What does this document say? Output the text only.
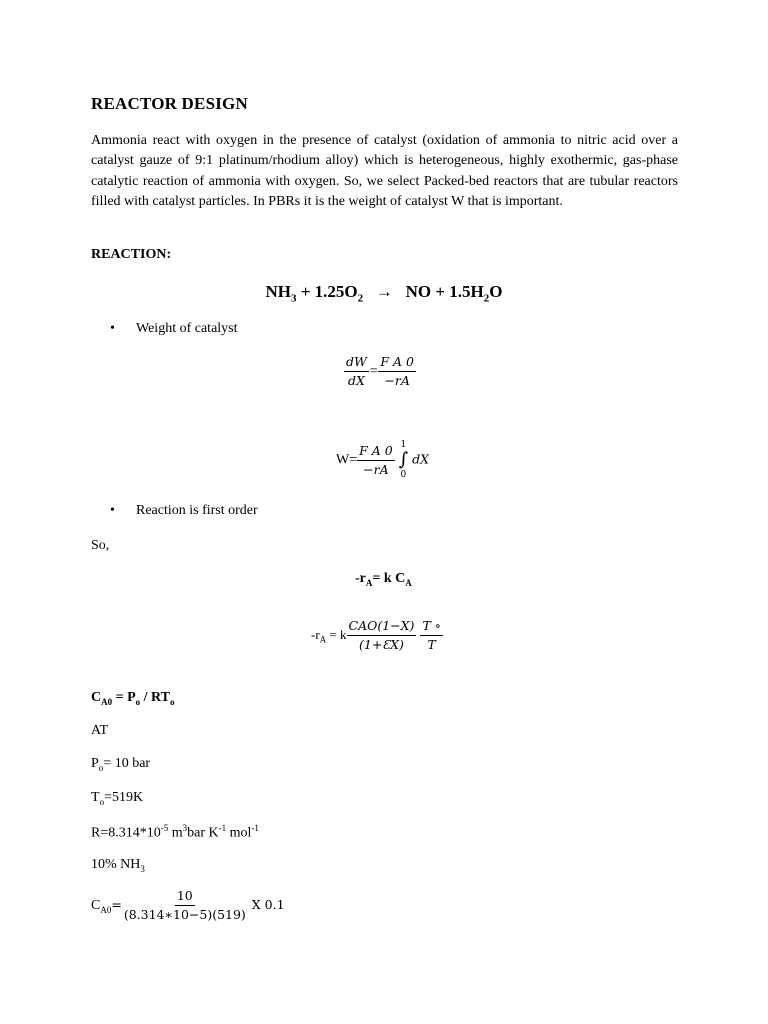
REACTOR DESIGN
Ammonia react with oxygen in the presence of catalyst (oxidation of ammonia to nitric acid over a catalyst gauze of 9:1 platinum/rhodium alloy) which is heterogeneous, highly exothermic, gas-phase catalytic reaction of ammonia with oxygen. So, we select Packed-bed reactors that are tubular reactors filled with catalyst particles. In PBRs it is the weight of catalyst W that is important.
REACTION:
$NH_3 + 1.25O_2$ → NO + $1.5H_2O$
• Weight of catalyst
$\frac{dW}{dX} = \frac{\text{F A 0}}{-rA}$
$W= \frac{\text{F A 0}}{-rA}$
1
∫
0
dX
• Reaction is first order
So,
$-r_A= k$ $C_A$
$-r_A = k \frac{\text{CAO(1−X)}}{(1+ƐX)} \frac{T \circ}{T}$
$C_{A0} = P_o / RT_o$
AT
$P_o= 10$ bar
$T_o=519K$
$R=8.314*10^{-5}$ $m^3bar$ $K^{-1}$ mol$^{-1}$
10% $NH_3$
$C_{A0}= \frac{10}{(8.314∗10-5)(519)}$ X 0.1
